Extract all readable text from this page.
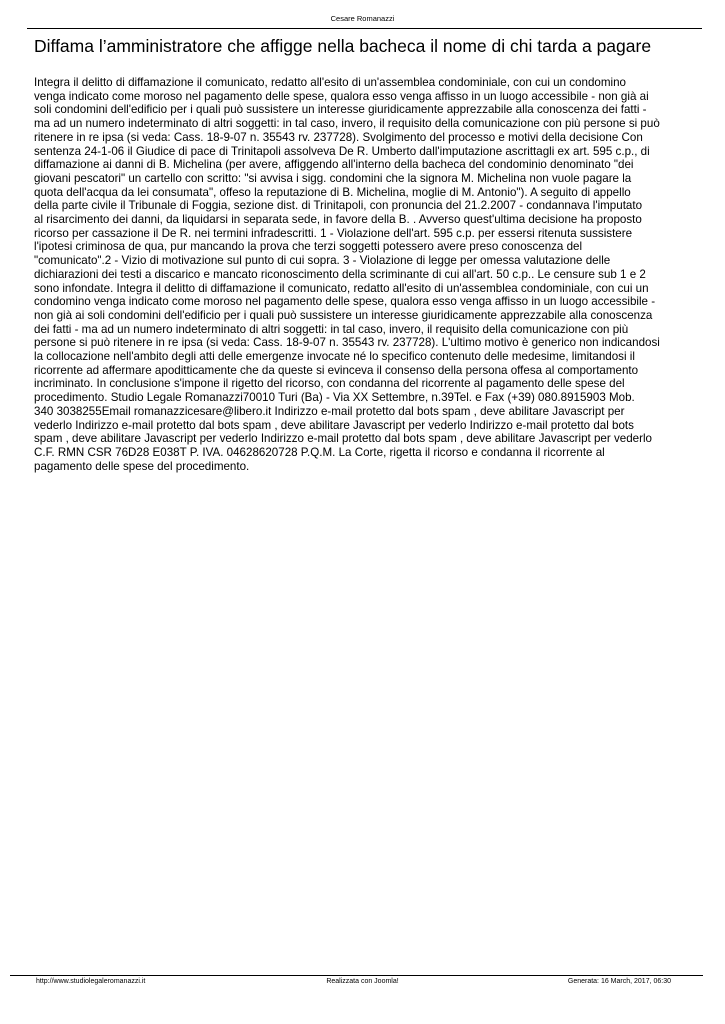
Cesare Romanazzi
Diffama l’amministratore che affigge nella bacheca il nome di chi tarda a pagare
Integra il delitto di diffamazione il comunicato, redatto all'esito di un'assemblea condominiale, con cui un condomino
venga indicato come moroso nel pagamento delle spese, qualora esso venga affisso in un luogo accessibile - non già ai
soli condomini dell'edificio per i quali può sussistere un interesse giuridicamente apprezzabile alla conoscenza dei fatti -
ma ad un numero indeterminato di altri soggetti: in tal caso, invero, il requisito della comunicazione con più persone si può
ritenere in re ipsa (si veda: Cass. 18-9-07 n. 35543 rv. 237728). Svolgimento del processo e motivi della decisione Con
sentenza 24-1-06 il Giudice di pace di Trinitapoli assolveva De R. Umberto dall'imputazione ascrittagli ex art. 595 c.p., di
diffamazione ai danni di B. Michelina (per avere, affiggendo all'interno della bacheca del condominio denominato "dei
giovani pescatori" un cartello con scritto: "si avvisa i sigg. condomini che la signora M. Michelina non vuole pagare la
quota dell'acqua da lei consumata", offeso la reputazione di B. Michelina, moglie di M. Antonio"). A seguito di appello
della parte civile il Tribunale di Foggia, sezione dist. di Trinitapoli, con pronuncia del 21.2.2007 - condannava l'imputato
al risarcimento dei danni, da liquidarsi in separata sede, in favore della B. . Avverso quest'ultima decisione ha proposto
ricorso per cassazione il De R. nei termini infradescritti. 1 - Violazione dell'art. 595 c.p. per essersi ritenuta sussistere
l'ipotesi criminosa de qua, pur mancando la prova che terzi soggetti potessero avere preso conoscenza del
"comunicato".2 - Vizio di motivazione sul punto di cui sopra. 3 - Violazione di legge per omessa valutazione delle
dichiarazioni dei testi a discarico e mancato riconoscimento della scriminante di cui all'art. 50 c.p.. Le censure sub 1 e 2
sono infondate. Integra il delitto di diffamazione il comunicato, redatto all'esito di un'assemblea condominiale, con cui un
condomino venga indicato come moroso nel pagamento delle spese, qualora esso venga affisso in un luogo accessibile -
non già ai soli condomini dell'edificio per i quali può sussistere un interesse giuridicamente apprezzabile alla conoscenza
dei fatti - ma ad un numero indeterminato di altri soggetti: in tal caso, invero, il requisito della comunicazione con più
persone si può ritenere in re ipsa (si veda: Cass. 18-9-07 n. 35543 rv. 237728). L'ultimo motivo è generico non indicandosi
la collocazione nell'ambito degli atti delle emergenze invocate né lo specifico contenuto delle medesime, limitandosi il
ricorrente ad affermare apoditticamente che da queste si evinceva il consenso della persona offesa al comportamento
incriminato. In conclusione s'impone il rigetto del ricorso, con condanna del ricorrente al pagamento delle spese del
procedimento. Studio Legale Romanazzi70010 Turi (Ba) - Via XX Settembre, n.39Tel. e Fax (+39) 080.8915903 Mob.
340 3038255Email romanazzicesare@libero.it Indirizzo e-mail protetto dal bots spam , deve abilitare Javascript per
vederlo Indirizzo e-mail protetto dal bots spam , deve abilitare Javascript per vederlo Indirizzo e-mail protetto dal bots
spam , deve abilitare Javascript per vederlo Indirizzo e-mail protetto dal bots spam , deve abilitare Javascript per vederlo
C.F. RMN CSR 76D28 E038T P. IVA. 04628620728 P.Q.M. La Corte, rigetta il ricorso e condanna il ricorrente al
pagamento delle spese del procedimento.
http://www.studiolegaleromanazzi.it	Realizzata con Joomla!	Generata: 16 March, 2017, 06:30
